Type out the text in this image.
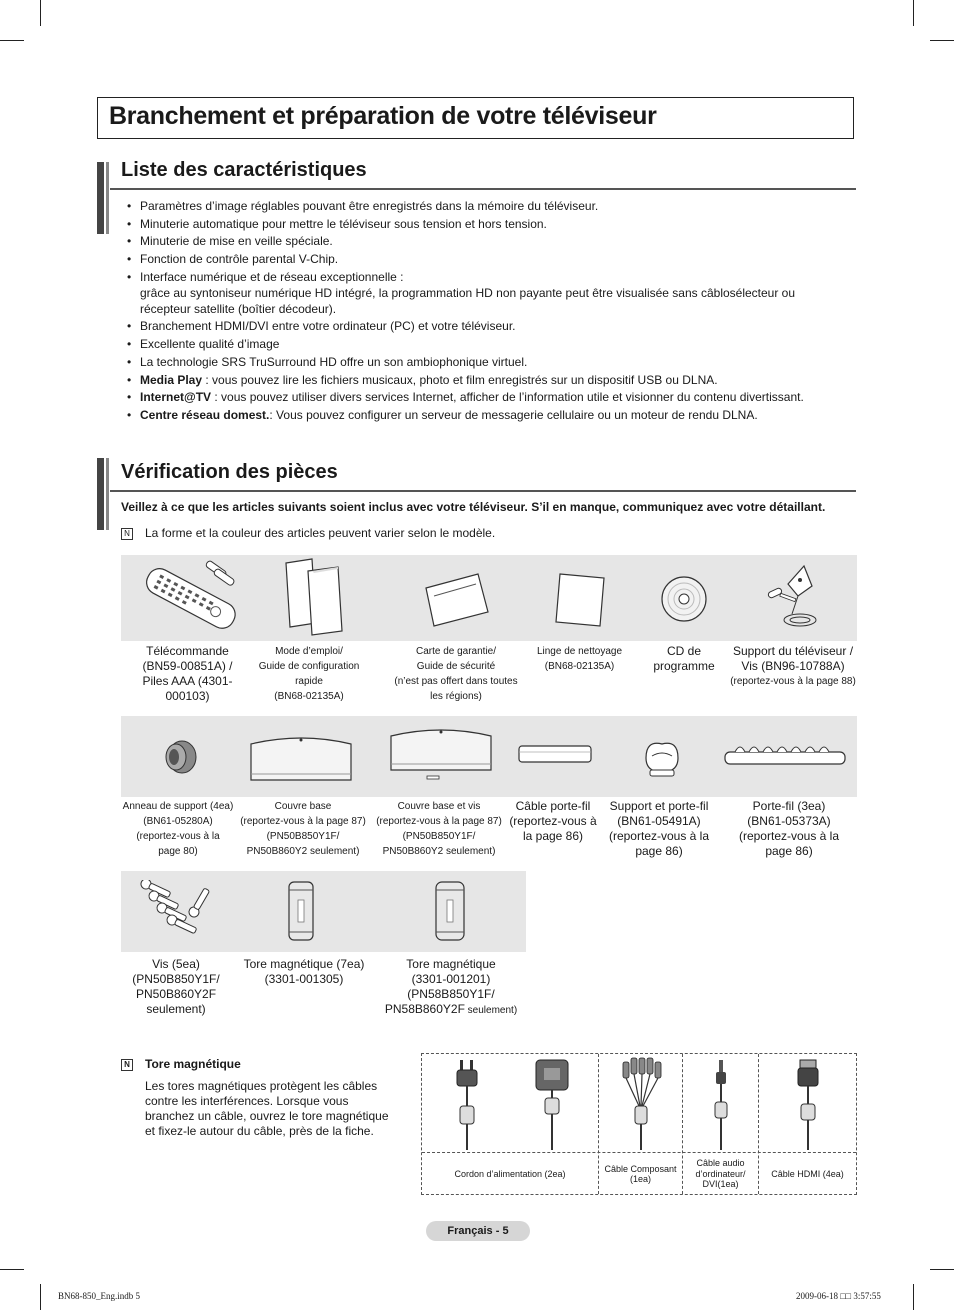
Branchement et préparation de votre téléviseur
Liste des caractéristiques
• Paramètres d’image réglables pouvant être enregistrés dans la mémoire du téléviseur.
• Minuterie automatique pour mettre le téléviseur sous tension et hors tension.
• Minuterie de mise en veille spéciale.
• Fonction de contrôle parental V-Chip.
• Interface numérique et de réseau exceptionnelle :
grâce au syntoniseur numérique HD intégré, la programmation HD non payante peut être visualisée sans câblosélecteur ou récepteur satellite (boîtier décodeur).
• Branchement HDMI/DVI entre votre ordinateur (PC) et votre téléviseur.
• Excellente qualité d’image
• La technologie SRS TruSurround HD offre un son ambiophonique virtuel.
• Media Play : vous pouvez lire les fichiers musicaux, photo et film enregistrés sur un dispositif USB ou DLNA.
• Internet@TV : vous pouvez utiliser divers services Internet, afficher de l’information utile et visionner du contenu divertissant.
• Centre réseau domest.: Vous pouvez configurer un serveur de messagerie cellulaire ou un moteur de rendu DLNA.
Vérification des pièces
Veillez à ce que les articles suivants soient inclus avec votre téléviseur. S’il en manque, communiquez avec votre détaillant.
N La forme et la couleur des articles peuvent varier selon le modèle.
Télécommande
(BN59-00851A) /
Piles AAA (4301-000103)
Mode d’emploi/
Guide de configuration rapide
(BN68-02135A)
Carte de garantie/
Guide de sécurité
(n’est pas offert dans toutes
les régions)
Linge de nettoyage
(BN68-02135A)
CD de
programme
Support du téléviseur /
Vis (BN96-10788A)
(reportez-vous à la page 88)
Anneau de support (4ea)
(BN61-05280A)
(reportez-vous à la
page 80)
Couvre base
(reportez-vous à la page 87)
(PN50B850Y1F/
PN50B860Y2 seulement)
Couvre base et vis
(reportez-vous à la page 87)
(PN50B850Y1F/
PN50B860Y2 seulement)
Câble porte-fil
(reportez-vous à
la page 86)
Support et porte-fil
(BN61-05491A)
(reportez-vous à la
page 86)
Porte-fil (3ea)
(BN61-05373A)
(reportez-vous à la
page 86)
Vis (5ea)
(PN50B850Y1F/
PN50B860Y2F
seulement)
Tore magnétique (7ea)
(3301-001305)
Tore magnétique
(3301-001201)
(PN58B850Y1F/
PN58B860Y2F seulement)
N Tore magnétique
Les tores magnétiques protègent les câbles contre les interférences. Lorsque vous branchez un câble, ouvrez le tore magnétique et fixez-le autour du câble, près de la fiche.
Cordon d’alimentation (2ea)
Câble Composant (1ea)
Câble audio d’ordinateur/ DVI(1ea)
Câble HDMI (4ea)
Français - 5
BN68-850_Eng.indb 5	2009-06-18 □□ 3:57:55
